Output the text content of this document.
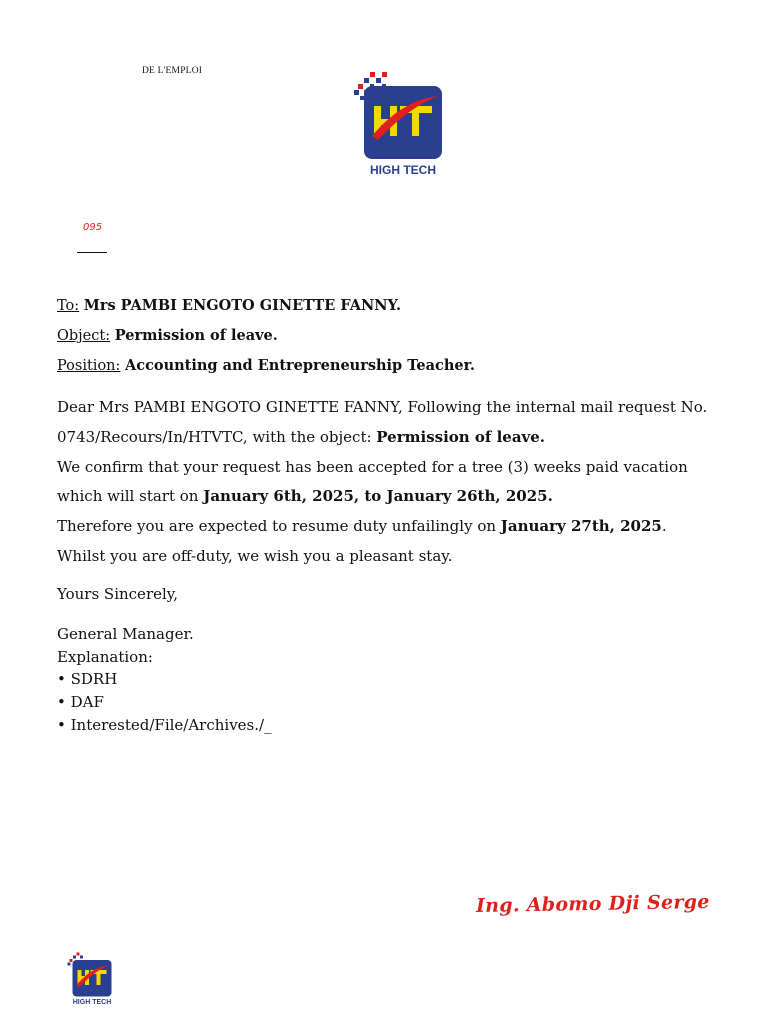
DE L'EMPLOI
HIGH TECH
095
To: Mrs PAMBI ENGOTO GINETTE FANNY.
Object: Permission of leave.
Position: Accounting and Entrepreneurship Teacher.

Dear Mrs PAMBI ENGOTO GINETTE FANNY, Following the internal mail request No.

0743/Recours/In/HTVTC, with the object: Permission of leave.

We confirm that your request has been accepted for a tree (3) weeks paid vacation

which will start on January 6th, 2025, to January 26th, 2025.

Therefore you are expected to resume duty unfailingly on January 27th, 2025.

Whilst you are off-duty, we wish you a pleasant stay.

Yours Sincerely,
General Manager.
Explanation:
• SDRH
• DAF
• Interested/File/Archives./_
Ing. Abomo Dji Serge
HIGH TECH
